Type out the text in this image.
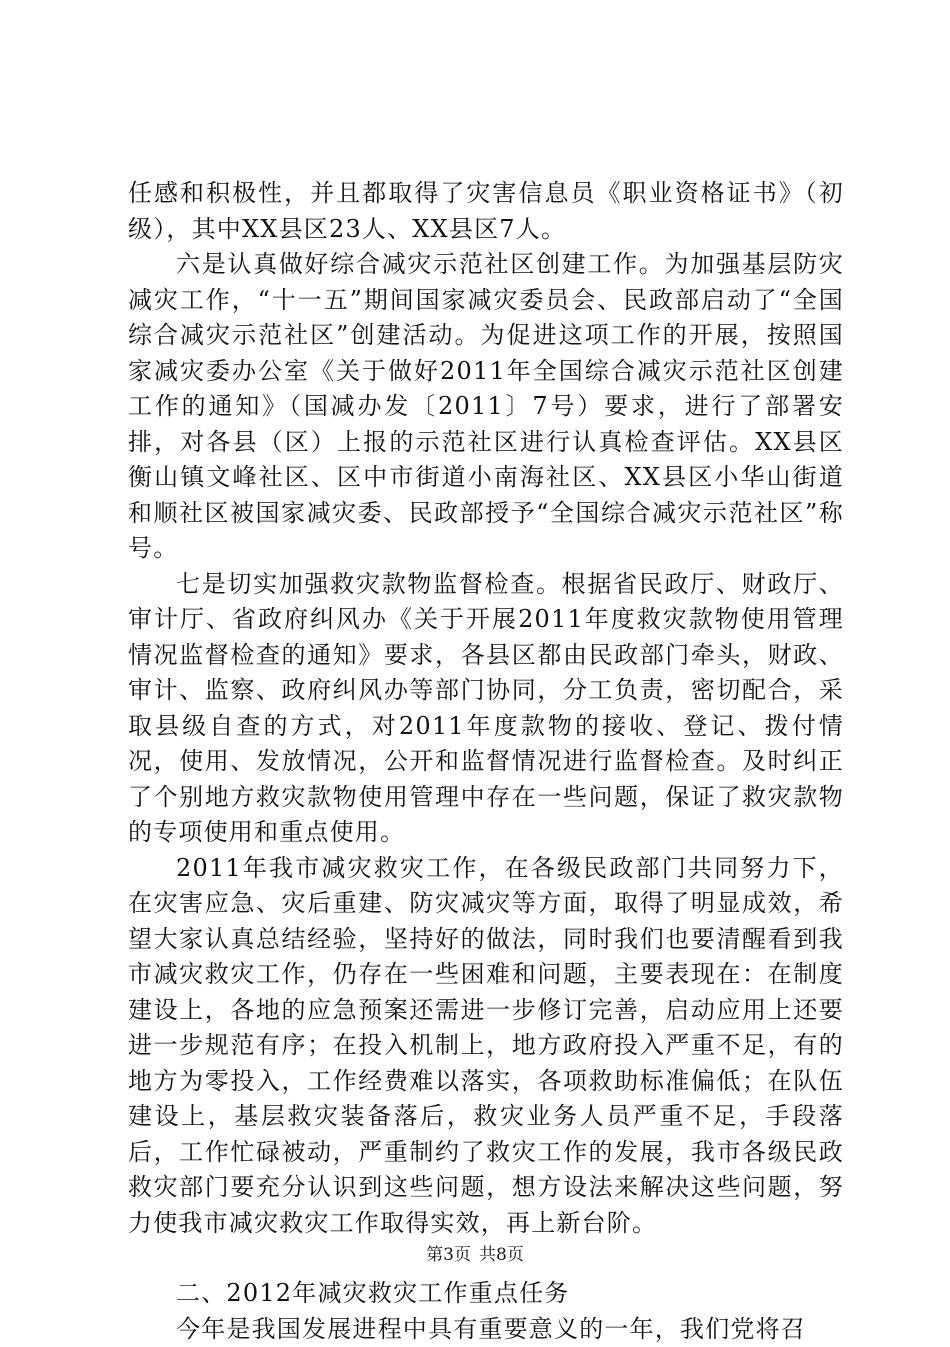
任感和积极性，并且都取得了灾害信息员《职业资格证书》（初级），其中XX县区23人、XX县区7人。

六是认真做好综合减灾示范社区创建工作。为加强基层防灾减灾工作，“十一五”期间国家减灾委员会、民政部启动了“全国综合减灾示范社区”创建活动。为促进这项工作的开展，按照国家减灾委办公室《关于做好2011年全国综合减灾示范社区创建工作的通知》（国减办发〔2011〕7号）要求，进行了部署安排，对各县（区）上报的示范社区进行认真检查评估。XX县区衡山镇文峰社区、区中市街道小南海社区、XX县区小华山街道和顺社区被国家减灾委、民政部授予“全国综合减灾示范社区”称号。

七是切实加强救灾款物监督检查。根据省民政厅、财政厅、审计厅、省政府纠风办《关于开展2011年度救灾款物使用管理情况监督检查的通知》要求，各县区都由民政部门牵头，财政、审计、监察、政府纠风办等部门协同，分工负责，密切配合，采取县级自查的方式，对2011年度款物的接收、登记、拨付情况，使用、发放情况，公开和监督情况进行监督检查。及时纠正了个别地方救灾款物使用管理中存在一些问题，保证了救灾款物的专项使用和重点使用。

2011年我市减灾救灾工作，在各级民政部门共同努力下，在灾害应急、灾后重建、防灾减灾等方面，取得了明显成效，希望大家认真总结经验，坚持好的做法，同时我们也要清醒看到我市减灾救灾工作，仍存在一些困难和问题，主要表现在：在制度建设上，各地的应急预案还需进一步修订完善，启动应用上还要进一步规范有序；在投入机制上，地方政府投入严重不足，有的地方为零投入，工作经费难以落实，各项救助标准偏低；在队伍建设上，基层救灾装备落后，救灾业务人员严重不足，手段落后，工作忙碌被动，严重制约了救灾工作的发展，我市各级民政救灾部门要充分认识到这些问题，想方设法来解决这些问题，努力使我市减灾救灾工作取得实效，再上新台阶。

二、2012年减灾救灾工作重点任务

今年是我国发展进程中具有重要意义的一年，我们党将召

第3页 共8页
